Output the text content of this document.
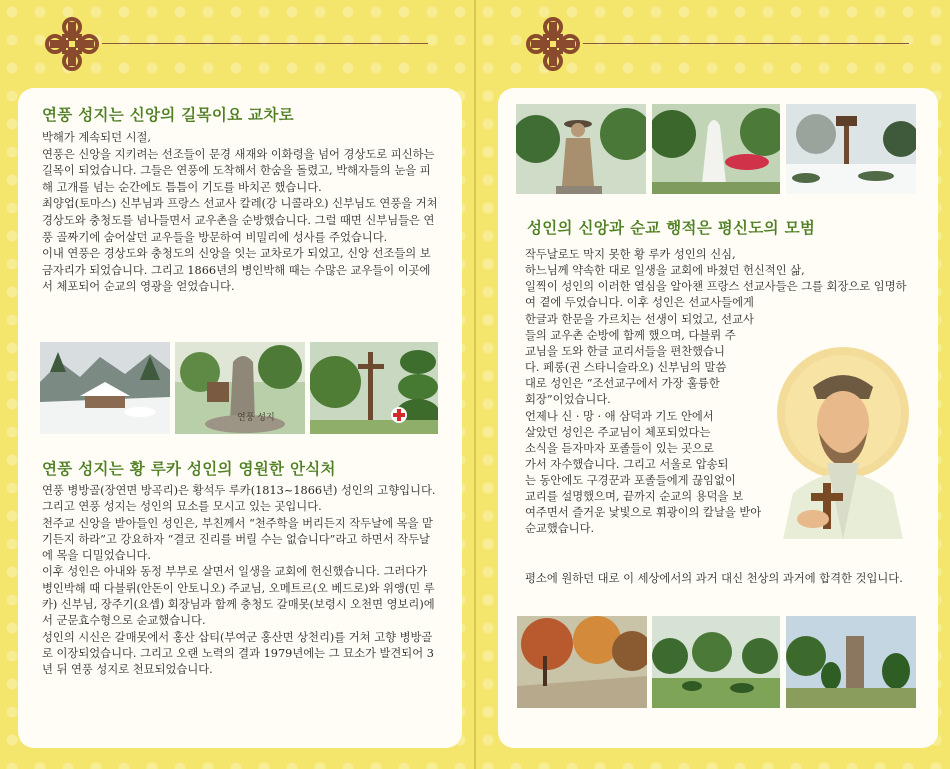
연풍 성지는 신앙의 길목이요 교차로

박해가 계속되던 시절,

연풍은 신앙을 지키려는 선조들이 문경 새재와 이화령을 넘어 경상도로 피신하는 길목이 되었습니다. 그들은 연풍에 도착해서 한숨을 돌렸고, 박해자들의 눈을 피해 고개를 넘는 순간에도 틈틈이 기도를 바치곤 했습니다.

최양업(토마스) 신부님과 프랑스 선교사 칼레(강 니콜라오) 신부님도 연풍을 거쳐 경상도와 충청도를 넘나들면서 교우촌을 순방했습니다. 그럴 때면 신부님들은 연풍 골짜기에 숨어살던 교우들을 방문하여 비밀리에 성사를 주었습니다.

이내 연풍은 경상도와 충청도의 신앙을 잇는 교차로가 되었고, 신앙 선조들의 보금자리가 되었습니다. 그리고 1866년의 병인박해 때는 수많은 교우들이 이곳에서 체포되어 순교의 영광을 얻었습니다.

연풍 성지
연풍 성지는 황 루카 성인의 영원한 안식처

연풍 병방골(장연면 방곡리)은 황석두 루카(1813~1866년) 성인의 고향입니다.

그리고 연풍 성지는 성인의 묘소를 모시고 있는 곳입니다.

천주교 신앙을 받아들인 성인은, 부친께서 “천주학을 버리든지 작두날에 목을 맡기든지 하라”고 강요하자 “결코 진리를 버릴 수는 없습니다”라고 하면서 작두날에 목을 디밀었습니다.

이후 성인은 아내와 동정 부부로 살면서 일생을 교회에 헌신했습니다. 그러다가 병인박해 때 다블뤼(안돈이 안토니오) 주교님, 오메트르(오 베드로)와 위앵(민 루카) 신부님, 장주기(요셉) 회장님과 함께 충청도 갈매못(보령시 오천면 영보리)에서 군문효수형으로 순교했습니다.

성인의 시신은 갈매못에서 홍산 삽티(부여군 홍산면 상천리)를 거쳐 고향 병방골로 이장되었습니다. 그리고 오랜 노력의 결과 1979년에는 그 묘소가 발견되어 3년 뒤 연풍 성지로 천묘되었습니다.

성인의 신앙과 순교 행적은 평신도의 모범

작두날로도 막지 못한 황 루카 성인의 신심,

하느님께 약속한 대로 일생을 교회에 바쳤던 헌신적인 삶,

일찍이 성인의 이러한 열심을 알아챈 프랑스 선교사들은 그를 회장으로 임명하여 곁에 두었습니다. 이후 성인은 선교사들에게

한글과 한문을 가르치는 선생이 되었고, 선교사

들의 교우촌 순방에 함께 했으며, 다블뤼 주

교님을 도와 한글 교리서들을 편찬했습니

다. 페롱(권 스타니슬라오) 신부님의 말씀

대로 성인은 “조선교구에서 가장 훌륭한

회장”이었습니다.

언제나 신 · 망 · 애 삼덕과 기도 안에서

살았던 성인은 주교님이 체포되었다는

소식을 듣자마자 포졸들이 있는 곳으로

가서 자수했습니다. 그리고 서울로 압송되

는 동안에도 구경꾼과 포졸들에게 끊임없이

교리를 설명했으며, 끝까지 순교의 용덕을 보

여주면서 즐거운 낯빛으로 휘광이의 칼날을 받아

순교했습니다.

평소에 원하던 대로 이 세상에서의 과거 대신 천상의 과거에 합격한 것입니다.
